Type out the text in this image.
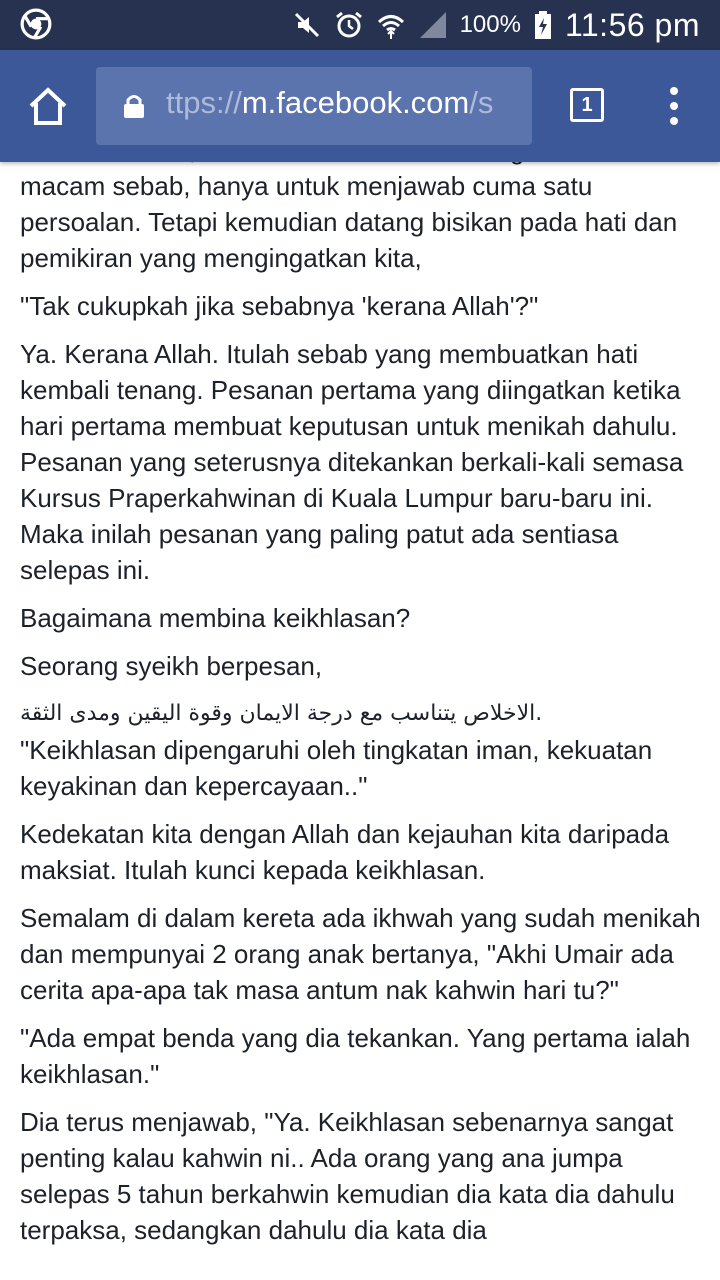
100% 11:56 pm
ttps://m.facebook.com/s	1

macam sebab, hanya untuk menjawab cuma satu persoalan. Tetapi kemudian datang bisikan pada hati dan pemikiran yang mengingatkan kita,

"Tak cukupkah jika sebabnya 'kerana Allah'?"

Ya. Kerana Allah. Itulah sebab yang membuatkan hati kembali tenang. Pesanan pertama yang diingatkan ketika hari pertama membuat keputusan untuk menikah dahulu. Pesanan yang seterusnya ditekankan berkali-kali semasa Kursus Praperkahwinan di Kuala Lumpur baru-baru ini. Maka inilah pesanan yang paling patut ada sentiasa selepas ini.

Bagaimana membina keikhlasan?

Seorang syeikh berpesan,

الاخلاص يتناسب مع درجة الايمان وقوة اليقين ومدى الثقة.

"Keikhlasan dipengaruhi oleh tingkatan iman, kekuatan keyakinan dan kepercayaan.."

Kedekatan kita dengan Allah dan kejauhan kita daripada maksiat. Itulah kunci kepada keikhlasan.

Semalam di dalam kereta ada ikhwah yang sudah menikah dan mempunyai 2 orang anak bertanya, "Akhi Umair ada cerita apa-apa tak masa antum nak kahwin hari tu?"

"Ada empat benda yang dia tekankan. Yang pertama ialah keikhlasan."

Dia terus menjawab, "Ya. Keikhlasan sebenarnya sangat penting kalau kahwin ni.. Ada orang yang ana jumpa selepas 5 tahun berkahwin kemudian dia kata dia dahulu terpaksa, sedangkan dahulu dia kata dia
